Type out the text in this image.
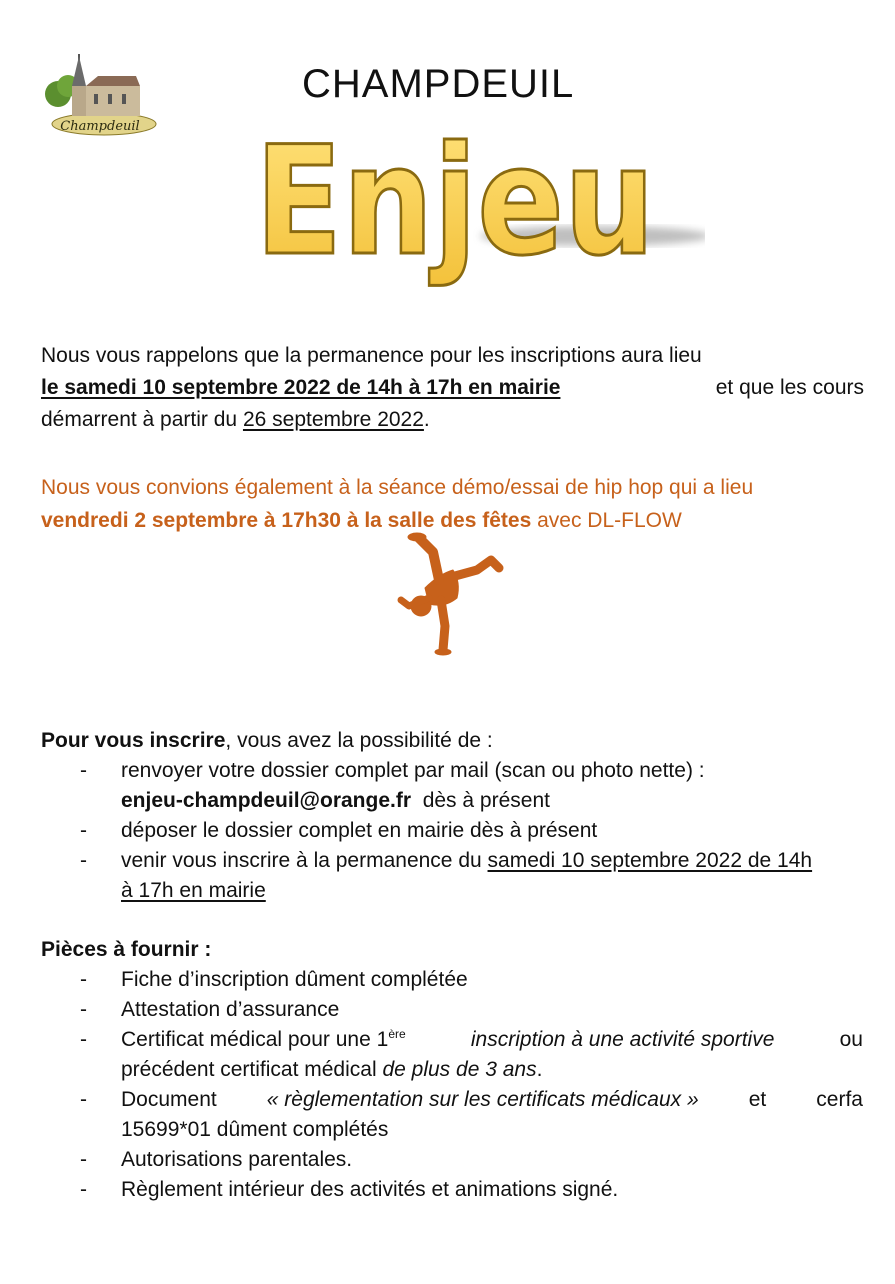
Champdeuil
CHAMPDEUIL
Enjeu
Nous vous rappelons que la permanence pour les inscriptions aura lieu
le samedi 10 septembre 2022 de 14h à 17h en mairie	et que les cours
démarrent à partir du 26 septembre 2022.
Nous vous convions également à la séance démo/essai de hip hop qui a lieu
vendredi 2 septembre à 17h30 à la salle des fêtes avec DL-FLOW
Pour vous inscrire, vous avez la possibilité de :
- renvoyer votre dossier complet par mail (scan ou photo nette) :
enjeu-champdeuil@orange.fr dès à présent
- déposer le dossier complet en mairie dès à présent
- venir vous inscrire à la permanence du samedi 10 septembre 2022 de 14h
à 17h en mairie
Pièces à fournir :
- Fiche d’inscription dûment complétée
- Attestation d’assurance
- Certificat médical pour une 1ère	inscription à une activité sportive	ou
précédent certificat médical de plus de 3 ans.
- Document « règlementation sur les certificats médicaux » et cerfa
15699*01 dûment complétés
- Autorisations parentales.
- Règlement intérieur des activités et animations signé.
